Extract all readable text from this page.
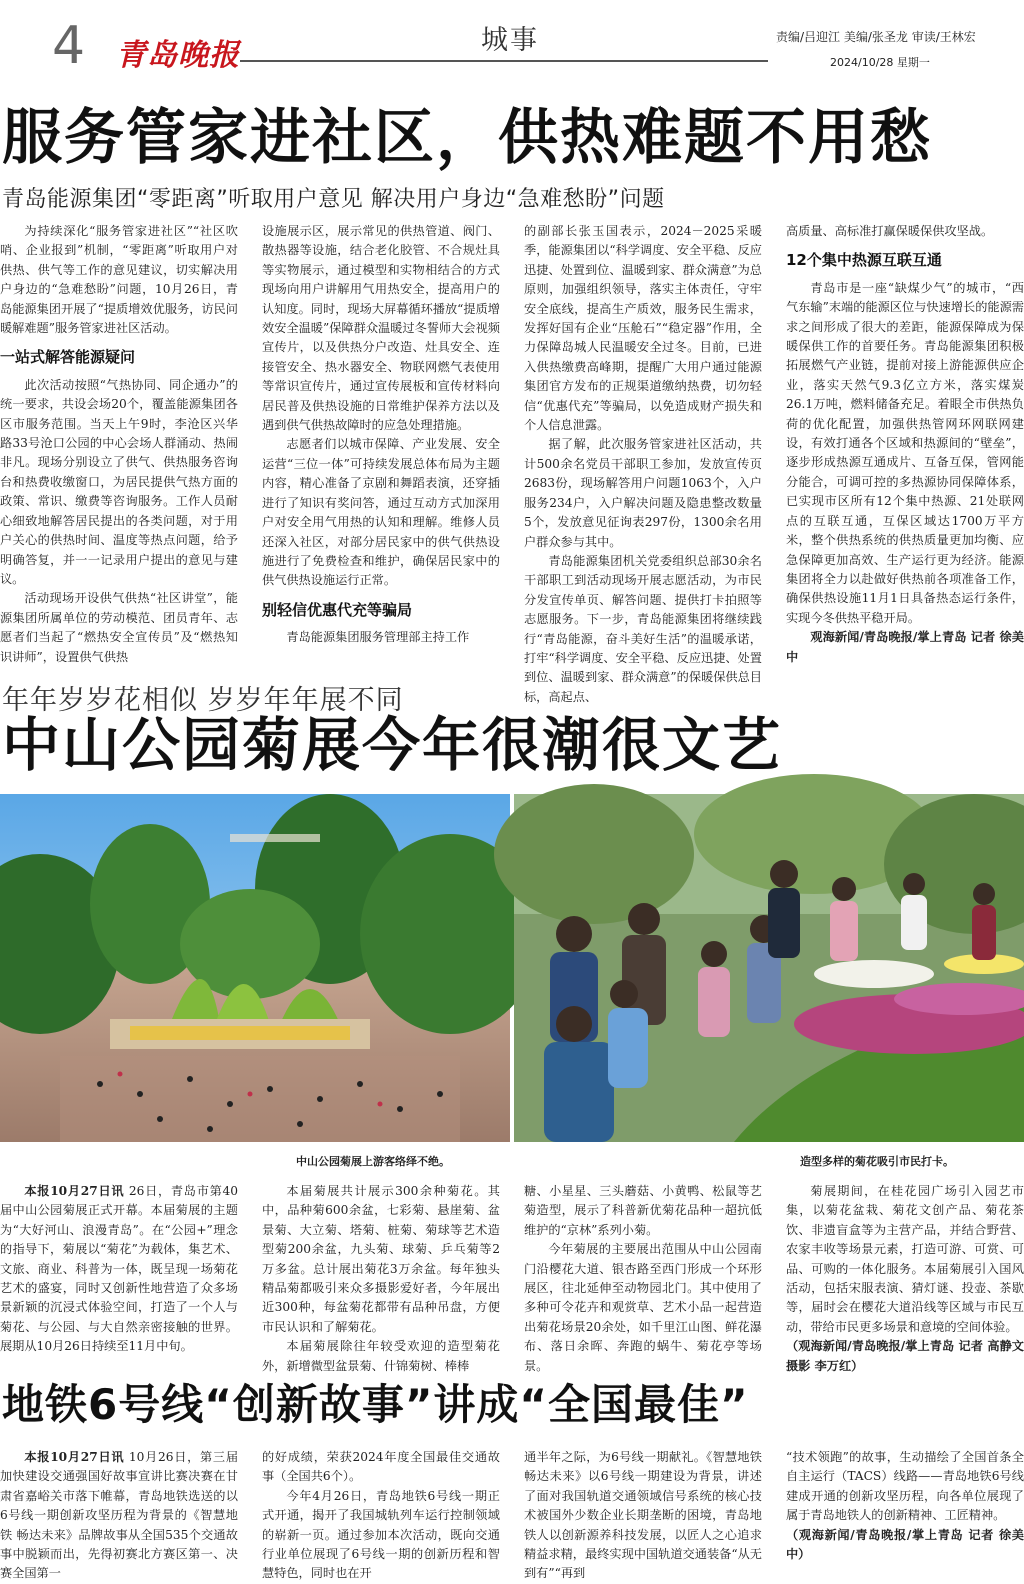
4 青岛晚报	城事	责编/吕迎江 美编/张圣龙 审读/王林宏
2024/10/28 星期一
服务管家进社区，供热难题不用愁
青岛能源集团“零距离”听取用户意见 解决用户身边“急难愁盼”问题

为持续深化“服务管家进社区”“社区吹哨、企业报到”机制，“零距离”听取用户对供热、供气等工作的意见建议，切实解决用户身边的“急难愁盼”问题，10月26日，青岛能源集团开展了“提质增效优服务，访民问暖解难题”服务管家进社区活动。

一站式解答能源疑问

此次活动按照“气热协同、同企通办”的统一要求，共设会场20个，覆盖能源集团各区市服务范围。当天上午9时，李沧区兴华路33号沧口公园的中心会场人群涌动、热闹非凡。现场分别设立了供气、供热服务咨询台和热费收缴窗口，为居民提供气热方面的政策、常识、缴费等咨询服务。工作人员耐心细致地解答居民提出的各类问题，对于用户关心的供热时间、温度等热点问题，给予明确答复，并一一记录用户提出的意见与建议。

活动现场开设供气供热“社区讲堂”，能源集团所属单位的劳动模范、团员青年、志愿者们当起了“燃热安全宣传员”及“燃热知识讲师”，设置供气供热

设施展示区，展示常见的供热管道、阀门、散热器等设施，结合老化胶管、不合规灶具等实物展示，通过模型和实物相结合的方式现场向用户讲解用气用热安全，提高用户的认知度。同时，现场大屏幕循环播放“提质增效安全温暖”保障群众温暖过冬誓师大会视频宣传片，以及供热分户改造、灶具安全、连接管安全、热水器安全、物联网燃气表使用等常识宣传片，通过宣传展板和宣传材料向居民普及供热设施的日常维护保养方法以及遇到供气供热故障时的应急处理措施。

志愿者们以城市保障、产业发展、安全运营“三位一体”可持续发展总体布局为主题内容，精心准备了京剧和舞蹈表演，还穿插进行了知识有奖问答，通过互动方式加深用户对安全用气用热的认知和理解。维修人员还深入社区，对部分居民家中的供气供热设施进行了免费检查和维护，确保居民家中的供气供热设施运行正常。

别轻信优惠代充等骗局

青岛能源集团服务管理部主持工作

的副部长张玉国表示，2024－2025采暖季，能源集团以“科学调度、安全平稳、反应迅捷、处置到位、温暖到家、群众满意”为总原则，加强组织领导，落实主体责任，守牢安全底线，提高生产质效，服务民生需求，发挥好国有企业“压舱石”“稳定器”作用，全力保障岛城人民温暖安全过冬。目前，已进入供热缴费高峰期，提醒广大用户通过能源集团官方发布的正规渠道缴纳热费，切勿轻信“优惠代充”等骗局，以免造成财产损失和个人信息泄露。

据了解，此次服务管家进社区活动，共计500余名党员干部职工参加，发放宣传页2683份，现场解答用户问题1063个，入户服务234户，入户解决问题及隐患整改数量5个，发放意见征询表297份，1300余名用户群众参与其中。

青岛能源集团机关党委组织总部30余名干部职工到活动现场开展志愿活动，为市民分发宣传单页、解答问题、提供打卡拍照等志愿服务。下一步，青岛能源集团将继续践行“青岛能源，奋斗美好生活”的温暖承诺，打牢“科学调度、安全平稳、反应迅捷、处置到位、温暖到家、群众满意”的保暖保供总目标，高起点、

高质量、高标准打赢保暖保供攻坚战。

12个集中热源互联互通

青岛市是一座“缺煤少气”的城市，“西气东输”末端的能源区位与快速增长的能源需求之间形成了很大的差距，能源保障成为保暖保供工作的首要任务。青岛能源集团积极拓展燃气产业链，提前对接上游能源供应企业，落实天然气9.3亿立方米，落实煤炭26.1万吨，燃料储备充足。着眼全市供热负荷的优化配置，加强供热管网环网联网建设，有效打通各个区域和热源间的“壁垒”，逐步形成热源互通成片、互备互保，管网能分能合，可调可控的多热源协同保障体系，已实现市区所有12个集中热源、21处联网点的互联互通，互保区域达1700万平方米，整个供热系统的供热质量更加均衡、应急保障更加高效、生产运行更为经济。能源集团将全力以赴做好供热前各项准备工作，确保供热设施11月1日具备热态运行条件，实现今冬供热平稳开局。

观海新闻/青岛晚报/掌上青岛 记者 徐美中

年年岁岁花相似 岁岁年年展不同
中山公园菊展今年很潮很文艺
中山公园菊展上游客络绎不绝。	造型多样的菊花吸引市民打卡。

本报10月27日讯 26日，青岛市第40届中山公园菊展正式开幕。本届菊展的主题为“大好河山、浪漫青岛”。在“公园+”理念的指导下，菊展以“菊花”为载体，集艺术、文旅、商业、科普为一体，既呈现一场菊花艺术的盛宴，同时又创新性地营造了众多场景新颖的沉浸式体验空间，打造了一个人与菊花、与公园、与大自然亲密接触的世界。展期从10月26日持续至11月中旬。

本届菊展共计展示300余种菊花。其中，品种菊600余盆，七彩菊、悬崖菊、盆景菊、大立菊、塔菊、桩菊、菊球等艺术造型菊200余盆，九头菊、球菊、乒乓菊等2万多盆。总计展出菊花3万余盆。每年独头精品菊都吸引来众多摄影爱好者，今年展出近300种，每盆菊花都带有品种吊盘，方便市民认识和了解菊花。

本届菊展除往年较受欢迎的造型菊花外，新增微型盆景菊、什锦菊树、棒棒

糖、小星星、三头蘑菇、小黄鸭、松鼠等艺菊造型，展示了科普新优菊花品种一超抗低维护的“京林”系列小菊。

今年菊展的主要展出范围从中山公园南门沿樱花大道、银杏路至西门形成一个环形展区，往北延伸至动物园北门。其中使用了多种可令花卉和观赏草、艺术小品一起营造出菊花场景20余处，如千里江山图、鲜花瀑布、落日余晖、奔跑的蜗牛、菊花亭等场景。

菊展期间，在桂花园广场引入园艺市集，以菊花盆栽、菊花文创产品、菊花茶饮、非遗盲盒等为主营产品，并结合野营、农家丰收等场景元素，打造可游、可赏、可品、可购的一体化服务。本届菊展引入国风活动，包括宋服表演、猜灯谜、投壶、茶歇等，届时会在樱花大道沿线等区域与市民互动，带给市民更多场景和意境的空间体验。

（观海新闻/青岛晚报/掌上青岛 记者 高静文 摄影 李万红）

地铁6号线“创新故事”讲成“全国最佳”

本报10月27日讯 10月26日，第三届加快建设交通强国好故事宣讲比赛决赛在甘肃省嘉峪关市落下帷幕，青岛地铁选送的以6号线一期创新攻坚历程为背景的《智慧地铁 畅达未来》品牌故事从全国535个交通故事中脱颖而出，先得初赛北方赛区第一、决赛全国第一

的好成绩，荣获2024年度全国最佳交通故事（全国共6个）。

今年4月26日，青岛地铁6号线一期正式开通，揭开了我国城轨列车运行控制领域的崭新一页。通过参加本次活动，既向交通行业单位展现了6号线一期的创新历程和智慧特色，同时也在开

通半年之际，为6号线一期献礼。《智慧地铁 畅达未来》以6号线一期建设为背景，讲述了面对我国轨道交通领域信号系统的核心技术被国外少数企业长期垄断的困境，青岛地铁人以创新源养科技发展，以匠人之心追求精益求精，最终实现中国轨道交通装备“从无到有”“再到

“技术领跑”的故事，生动描绘了全国首条全自主运行（TACS）线路——青岛地铁6号线建成开通的创新攻坚历程，向各单位展现了属于青岛地铁人的创新精神、工匠精神。

（观海新闻/青岛晚报/掌上青岛 记者 徐美中）
